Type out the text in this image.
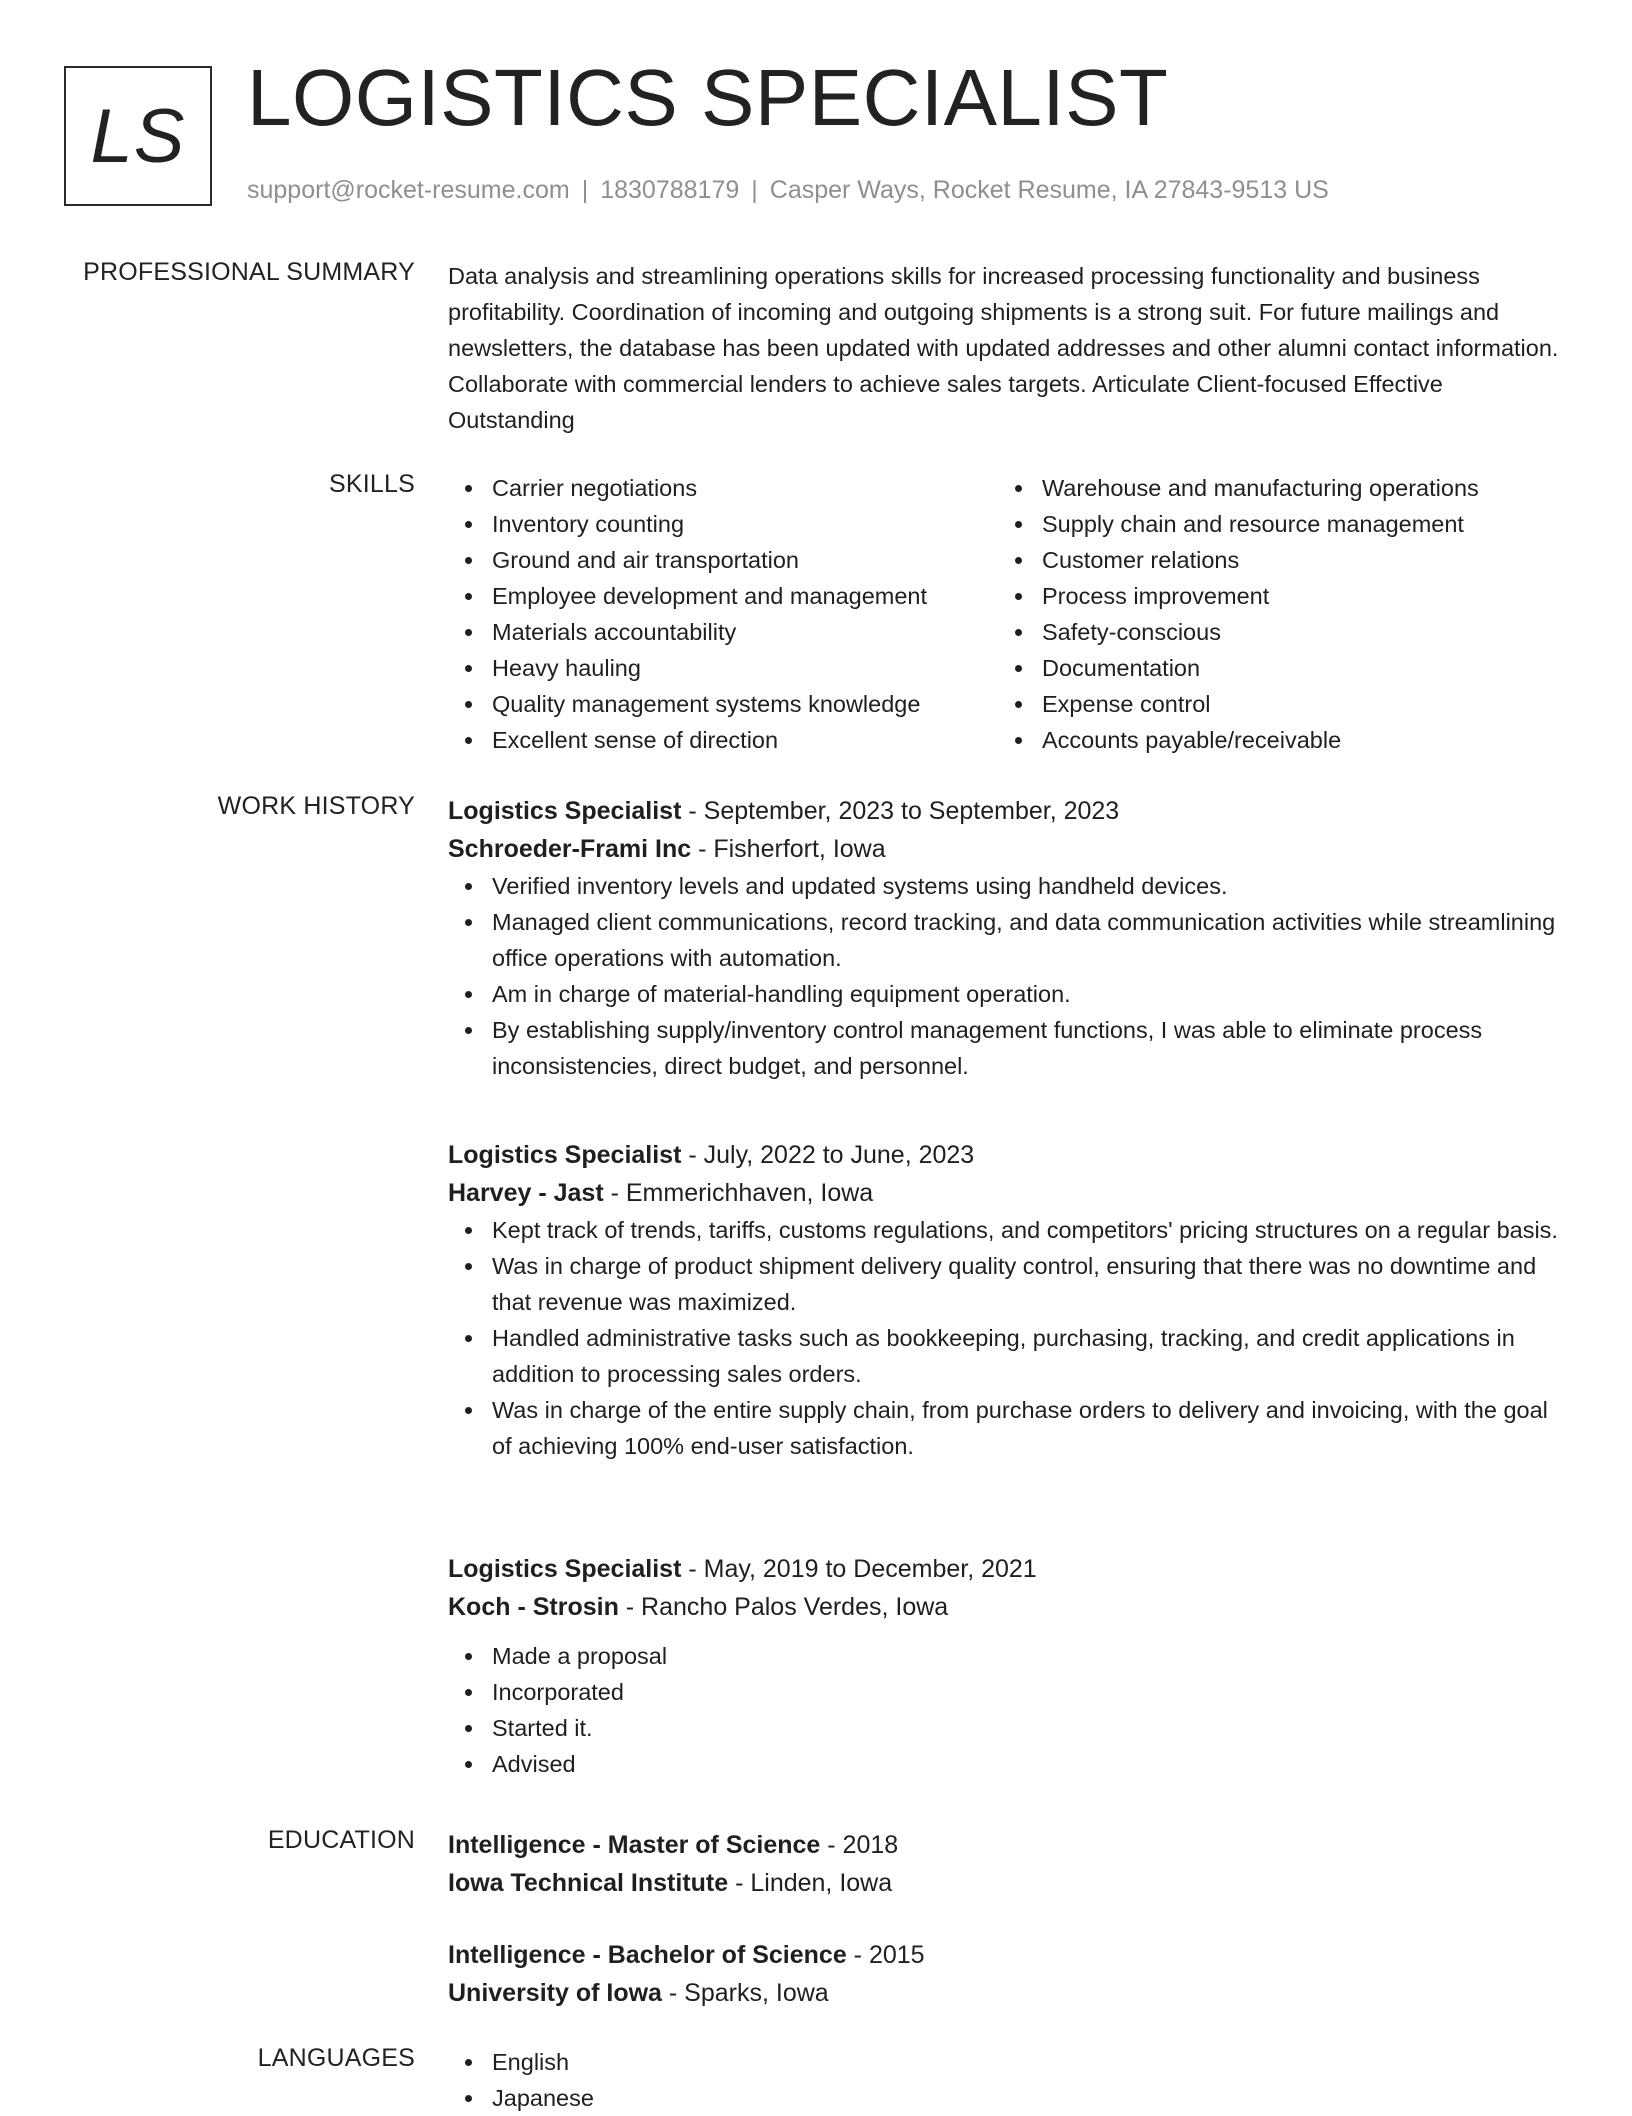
LS LOGISTICS SPECIALIST
support@rocket-resume.com | 1830788179 | Casper Ways, Rocket Resume, IA 27843-9513 US
PROFESSIONAL SUMMARY Data analysis and streamlining operations skills for increased processing functionality and business profitability. Coordination of incoming and outgoing shipments is a strong suit. For future mailings and newsletters, the database has been updated with updated addresses and other alumni contact information. Collaborate with commercial lenders to achieve sales targets. Articulate Client-focused Effective Outstanding

SKILLS	Carrier negotiations
Inventory counting
Ground and air transportation
Employee development and management
Materials accountability
Heavy hauling
Quality management systems knowledge
Excellent sense of direction
Warehouse and manufacturing operations
Supply chain and resource management
Customer relations
Process improvement
Safety-conscious
Documentation
Expense control
Accounts payable/receivable
WORK HISTORY Logistics Specialist - September, 2023 to September, 2023
Schroeder-Frami Inc - Fisherfort, Iowa
Verified inventory levels and updated systems using handheld devices.
Managed client communications, record tracking, and data communication activities while streamlining office operations with automation.
Am in charge of material-handling equipment operation.
By establishing supply/inventory control management functions, I was able to eliminate process inconsistencies, direct budget, and personnel.
Logistics Specialist - July, 2022 to June, 2023
Harvey - Jast - Emmerichhaven, Iowa
Kept track of trends, tariffs, customs regulations, and competitors' pricing structures on a regular basis.
Was in charge of product shipment delivery quality control, ensuring that there was no downtime and that revenue was maximized.
Handled administrative tasks such as bookkeeping, purchasing, tracking, and credit applications in addition to processing sales orders.
Was in charge of the entire supply chain, from purchase orders to delivery and invoicing, with the goal of achieving 100% end-user satisfaction.
Logistics Specialist - May, 2019 to December, 2021
Koch - Strosin - Rancho Palos Verdes, Iowa
Made a proposal
Incorporated
Started it.
Advised
EDUCATION Intelligence - Master of Science - 2018
Iowa Technical Institute - Linden, Iowa
Intelligence - Bachelor of Science - 2015
University of Iowa - Sparks, Iowa
LANGUAGES	English
Japanese
